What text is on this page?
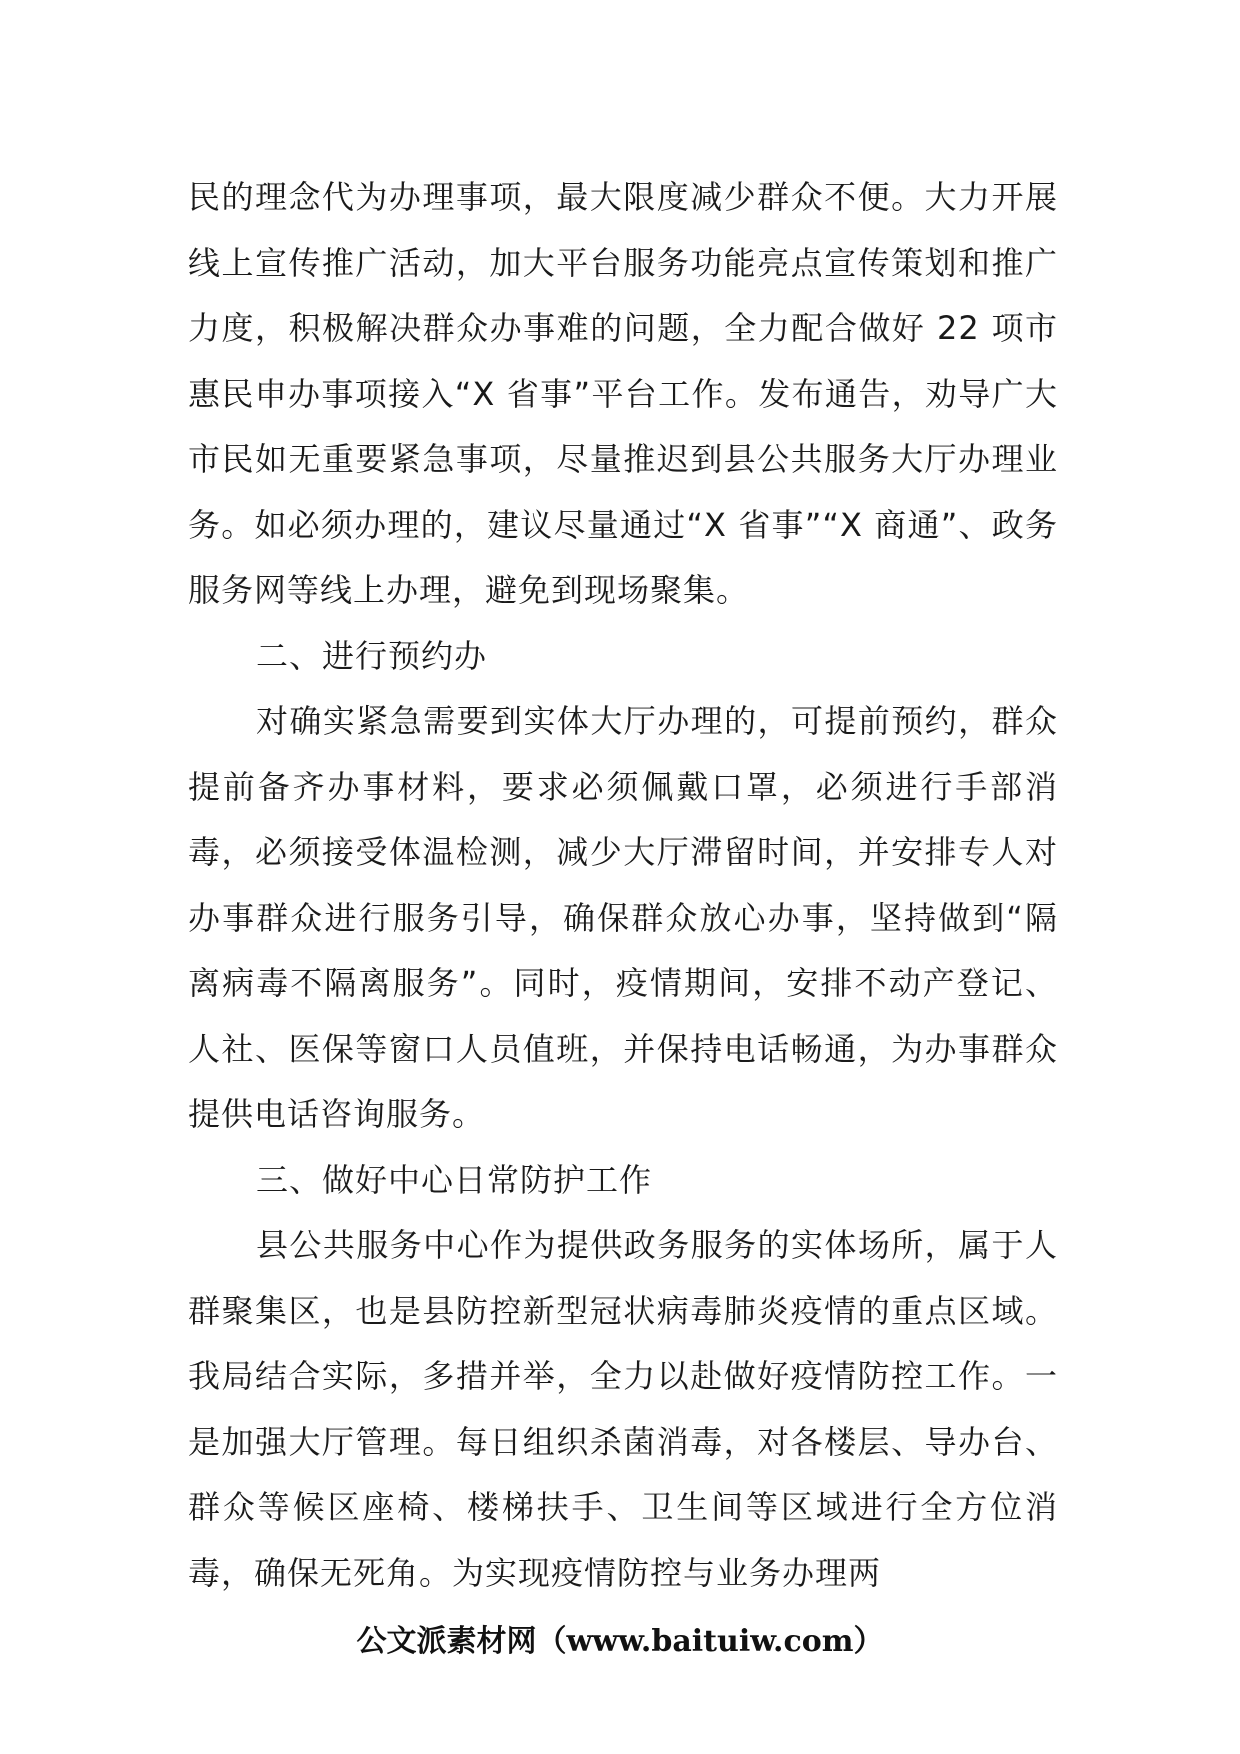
民的理念代为办理事项，最大限度减少群众不便。大力开展线上宣传推广活动，加大平台服务功能亮点宣传策划和推广力度，积极解决群众办事难的问题，全力配合做好 22 项市惠民申办事项接入“X 省事”平台工作。发布通告，劝导广大市民如无重要紧急事项，尽量推迟到县公共服务大厅办理业务。如必须办理的，建议尽量通过“X 省事”“X 商通”、政务服务网等线上办理，避免到现场聚集。

二、进行预约办

对确实紧急需要到实体大厅办理的，可提前预约，群众提前备齐办事材料，要求必须佩戴口罩，必须进行手部消毒，必须接受体温检测，减少大厅滞留时间，并安排专人对办事群众进行服务引导，确保群众放心办事，坚持做到“隔离病毒不隔离服务”。同时，疫情期间，安排不动产登记、人社、医保等窗口人员值班，并保持电话畅通，为办事群众提供电话咨询服务。

三、做好中心日常防护工作

县公共服务中心作为提供政务服务的实体场所，属于人群聚集区，也是县防控新型冠状病毒肺炎疫情的重点区域。我局结合实际，多措并举，全力以赴做好疫情防控工作。一是加强大厅管理。每日组织杀菌消毒，对各楼层、导办台、群众等候区座椅、楼梯扶手、卫生间等区域进行全方位消毒，确保无死角。为实现疫情防控与业务办理两

公文派素材网（www.baituiw.com）
